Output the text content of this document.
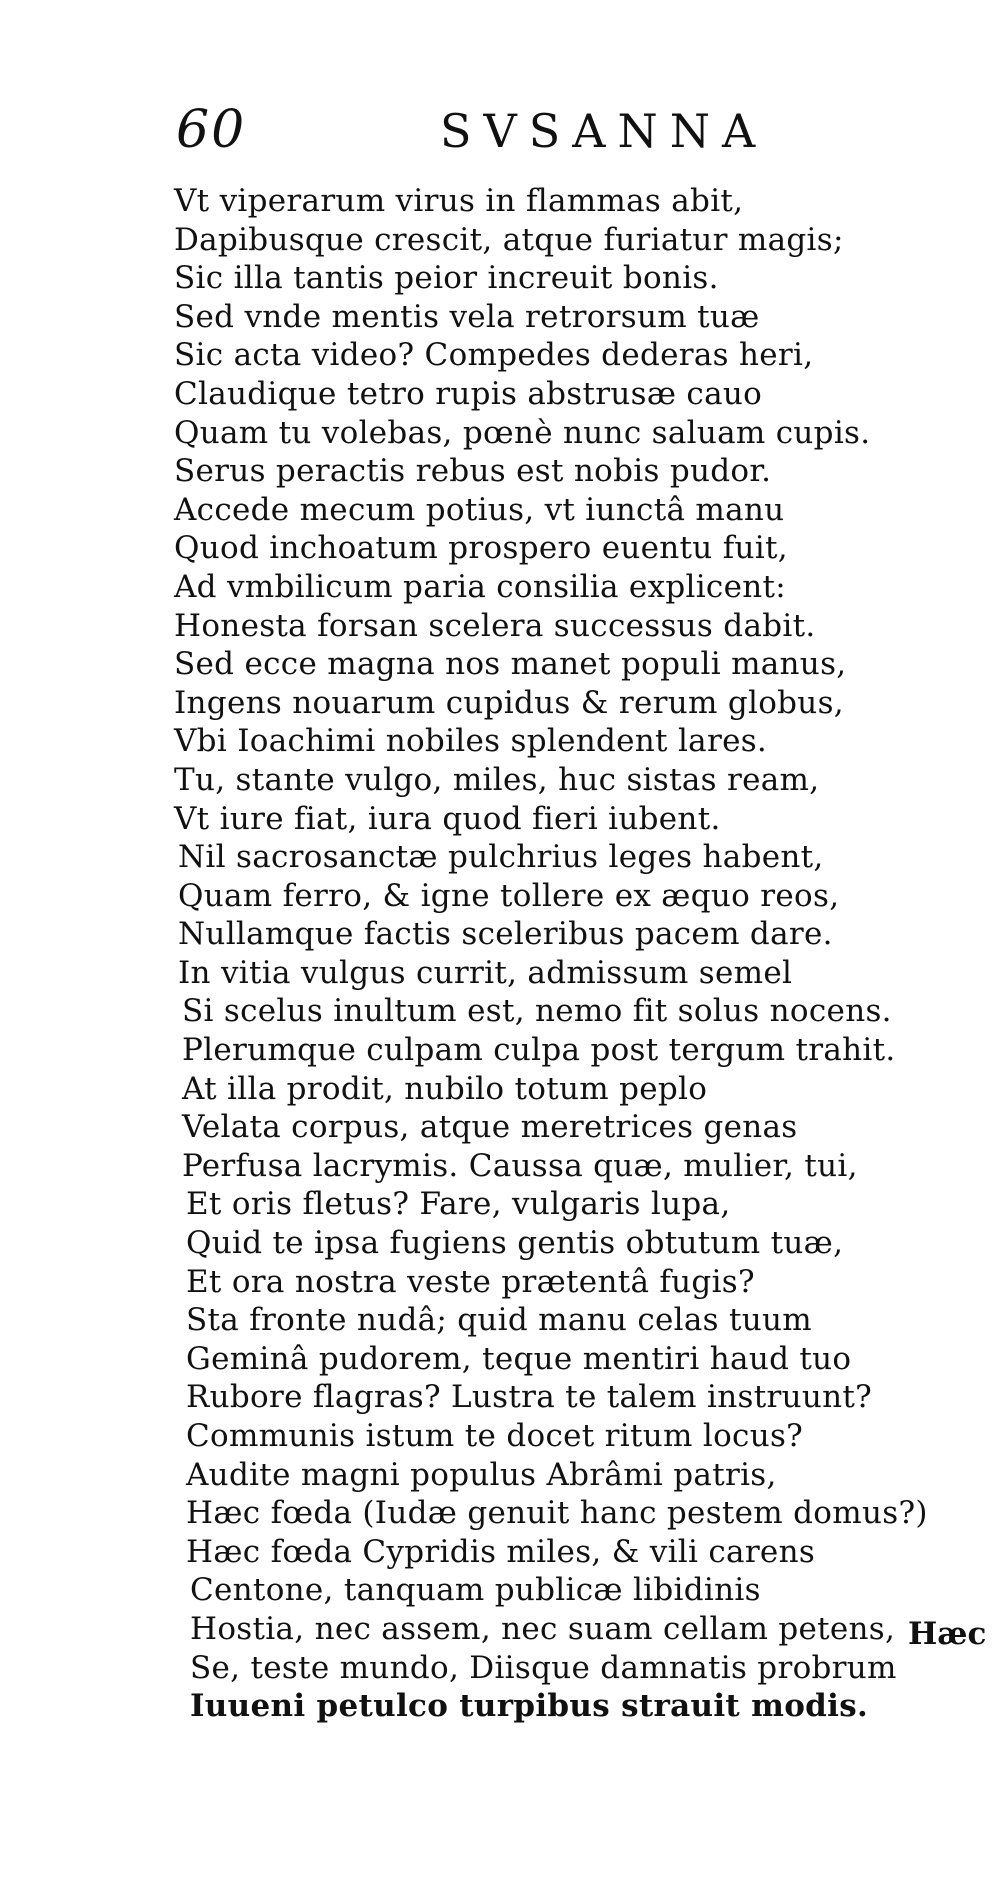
60	SVSANNA
Vt viperarum virus in flammas abit,
Dapibusque crescit, atque furiatur magis;
Sic illa tantis peior increuit bonis.
Sed vnde mentis vela retrorsum tuæ
Sic acta video? Compedes dederas heri,
Claudique tetro rupis abstrusæ cauo
Quam tu volebas, pœnè nunc saluam cupis.
Serus peractis rebus est nobis pudor.
Accede mecum potius, vt iunctâ manu
Quod inchoatum prospero euentu fuit,
Ad vmbilicum paria consilia explicent:
Honesta forsan scelera successus dabit.
Sed ecce magna nos manet populi manus,
Ingens nouarum cupidus & rerum globus,
Vbi Ioachimi nobiles splendent lares.
Tu, stante vulgo, miles, huc sistas ream,
Vt iure fiat, iura quod fieri iubent.
Nil sacrosanctæ pulchrius leges habent,
Quam ferro, & igne tollere ex æquo reos,
Nullamque factis sceleribus pacem dare.
In vitia vulgus currit, admissum semel
Si scelus inultum est, nemo fit solus nocens.
Plerumque culpam culpa post tergum trahit.
At illa prodit, nubilo totum peplo
Velata corpus, atque meretrices genas
Perfusa lacrymis. Caussa quæ, mulier, tui,
Et oris fletus? Fare, vulgaris lupa,
Quid te ipsa fugiens gentis obtutum tuæ,
Et ora nostra veste prætentâ fugis?
Sta fronte nudâ; quid manu celas tuum
Geminâ pudorem, teque mentiri haud tuo
Rubore flagras? Lustra te talem instruunt?
Communis istum te docet ritum locus?
Audite magni populus Abrâmi patris,
Hæc fœda (Iudæ genuit hanc pestem domus?)
Hæc fœda Cypridis miles, & vili carens
Centone, tanquam publicæ libidinis
Hostia, nec assem, nec suam cellam petens,
Se, teste mundo, Diisque damnatis probrum
Iuueni petulco turpibus strauit modis.
Hæc
